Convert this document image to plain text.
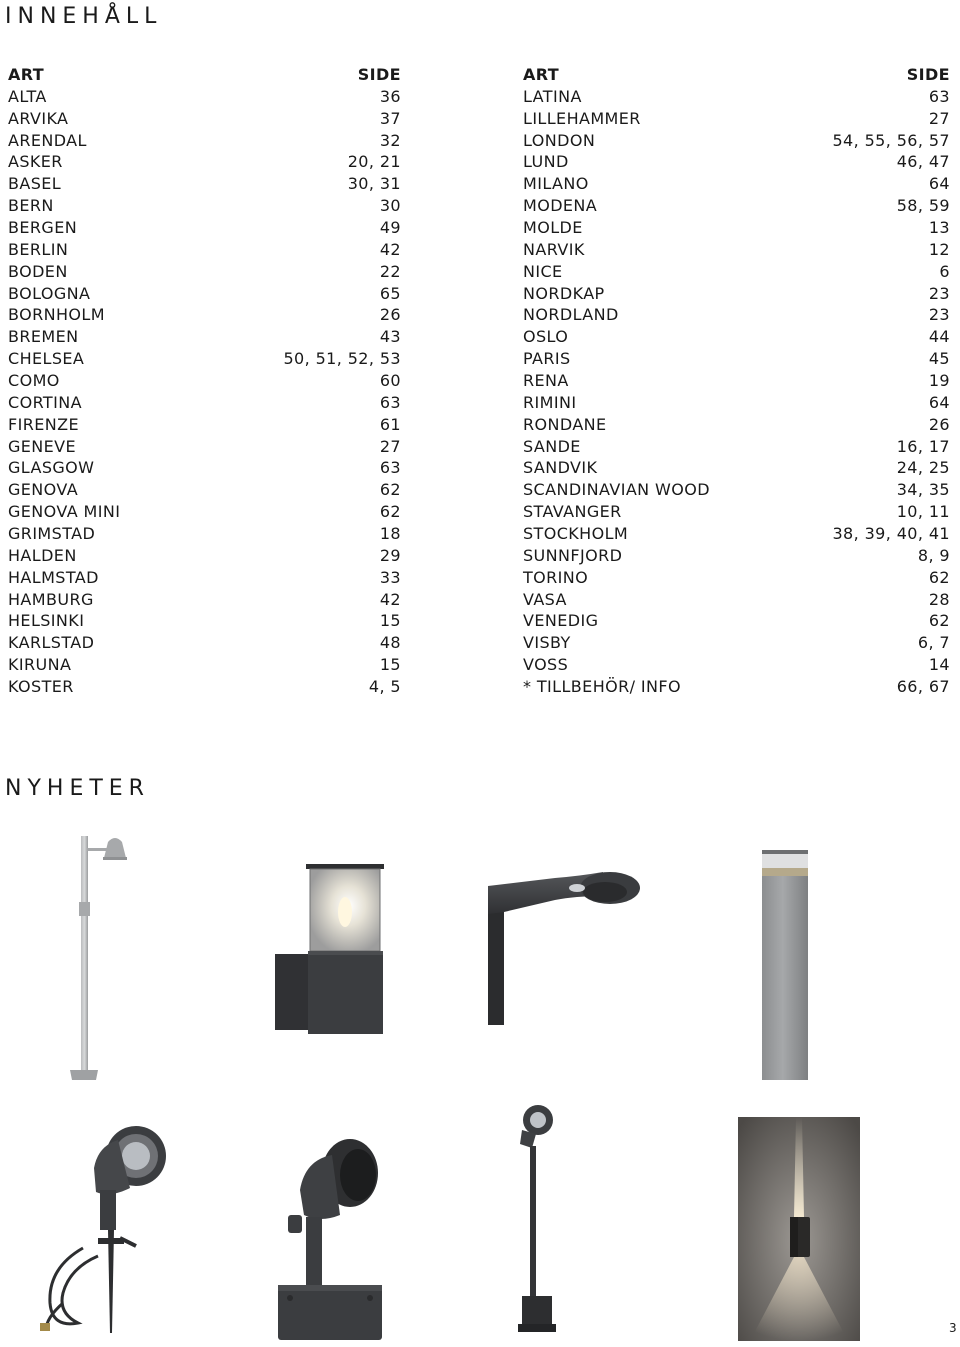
INNEHÅLL
ART	SIDE
ALTA	36
ARVIKA	37
ARENDAL	32
ASKER	20, 21
BASEL	30, 31
BERN	30
BERGEN	49
BERLIN	42
BODEN	22
BOLOGNA	65
BORNHOLM	26
BREMEN	43
CHELSEA	50, 51, 52, 53
COMO	60
CORTINA	63
FIRENZE	61
GENEVE	27
GLASGOW	63
GENOVA	62
GENOVA MINI	62
GRIMSTAD	18
HALDEN	29
HALMSTAD	33
HAMBURG	42
HELSINKI	15
KARLSTAD	48
KIRUNA	15
KOSTER	4, 5
ART	SIDE
LATINA	63
LILLEHAMMER	27
LONDON	54, 55, 56, 57
LUND	46, 47
MILANO	64
MODENA	58, 59
MOLDE	13
NARVIK	12
NICE	6
NORDKAP	23
NORDLAND	23
OSLO	44
PARIS	45
RENA	19
RIMINI	64
RONDANE	26
SANDE	16, 17
SANDVIK	24, 25
SCANDINAVIAN WOOD	34, 35
STAVANGER	10, 11
STOCKHOLM	38, 39, 40, 41
SUNNFJORD	8, 9
TORINO	62
VASA	28
VENEDIG	62
VISBY	6, 7
VOSS	14
* TILLBEHÖR/ INFO	66, 67
NYHETER
3
